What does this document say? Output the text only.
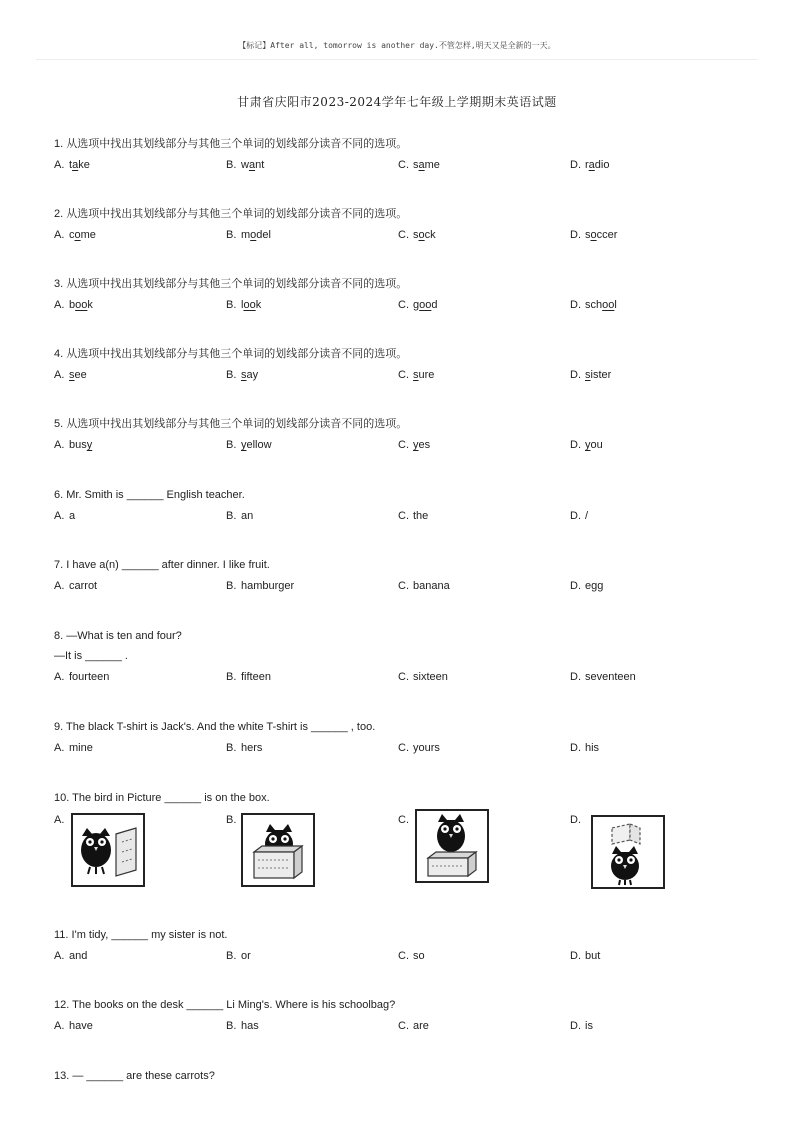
【标记】After all, tomorrow is another day.不管怎样,明天又是全新的一天。
甘肃省庆阳市2023-2024学年七年级上学期期末英语试题
1. 从选项中找出其划线部分与其他三个单词的划线部分读音不同的选项。
A. take	B. want	C. same	D. radio
2. 从选项中找出其划线部分与其他三个单词的划线部分读音不同的选项。
A. come	B. model	C. sock	D. soccer
3. 从选项中找出其划线部分与其他三个单词的划线部分读音不同的选项。
A. book	B. look	C. good	D. school
4. 从选项中找出其划线部分与其他三个单词的划线部分读音不同的选项。
A. see	B. say	C. sure	D. sister
5. 从选项中找出其划线部分与其他三个单词的划线部分读音不同的选项。
A. busy	B. yellow	C. yes	D. you
6. Mr. Smith is ______ English teacher.
A. a	B. an	C. the	D. /
7. I have a(n) ______ after dinner. I like fruit.
A. carrot	B. hamburger	C. banana	D. egg
8. —What is ten and four?
—It is ______ .
A. fourteen	B. fifteen	C. sixteen	D. seventeen
9. The black T-shirt is Jack's. And the white T-shirt is ______ , too.
A. mine	B. hers	C. yours	D. his
10. The bird in Picture ______ is on the box.
A.	B.	C.	D.
11. I'm tidy, ______ my sister is not.
A. and	B. or	C. so	D. but
12. The books on the desk ______ Li Ming's. Where is his schoolbag?
A. have	B. has	C. are	D. is
13. — ______ are these carrots?
